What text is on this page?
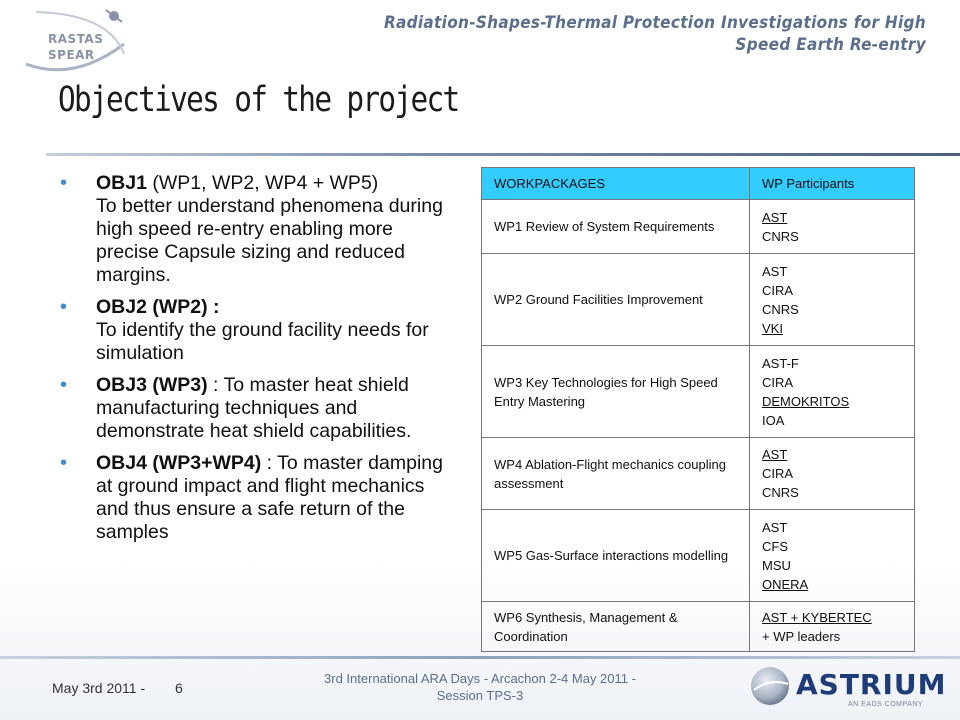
RASTAS
SPEAR
Radiation-Shapes-Thermal Protection Investigations for High
Speed Earth Re-entry
Objectives of the project
• OBJ1 (WP1, WP2, WP4 + WP5)
To better understand phenomena during high speed re-entry enabling more precise Capsule sizing and reduced margins.
• OBJ2 (WP2) :
To identify the ground facility needs for simulation
• OBJ3 (WP3) : To master heat shield manufacturing techniques and demonstrate heat shield capabilities.
• OBJ4 (WP3+WP4) : To master damping at ground impact and flight mechanics and thus ensure a safe return of the samples
WORKPACKAGES	WP Participants
WP1 Review of System Requirements	AST
CNRS

WP2 Ground Facilities Improvement	AST
CIRA
CNRS
VKI

WP3 Key Technologies for High Speed Entry Mastering	AST-F
CIRA
DEMOKRITOS
IOA

WP4 Ablation-Flight mechanics coupling assessment	AST
CIRA
CNRS

WP5 Gas-Surface interactions modelling	AST
CFS
MSU
ONERA

WP6 Synthesis, Management & Coordination	AST + KYBERTEC
+ WP leaders
May 3rd 2011 - 6
3rd International ARA Days - Arcachon 2-4 May 2011 -
Session TPS-3	ASTRIUM
AN EADS COMPANY
